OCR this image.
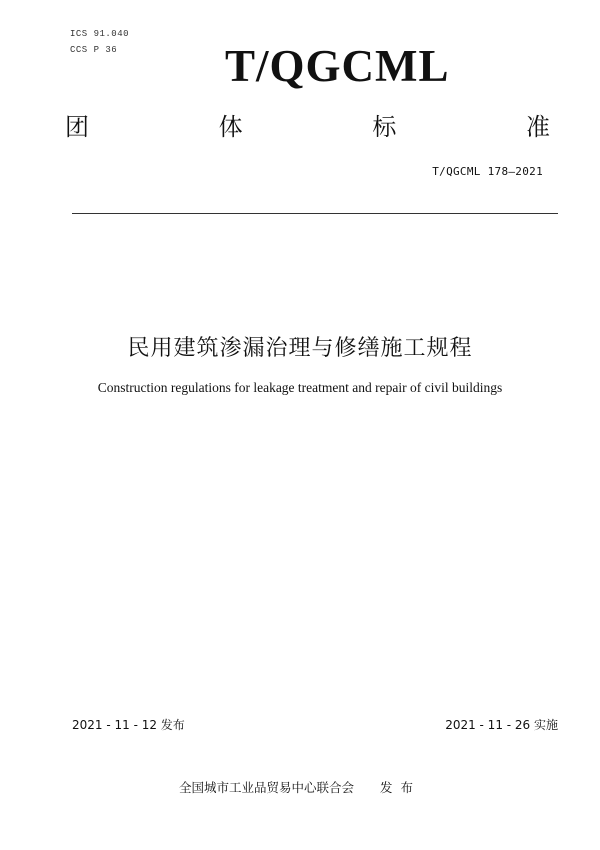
ICS 91.040
CCS P 36 T/QGCML
团	体	标	准
T/QGCML 178—2021
民用建筑渗漏治理与修缮施工规程
Construction regulations for leakage treatment and repair of civil buildings
2021 - 11 - 12 发布	2021 - 11 - 26 实施
全国城市工业品贸易中心联合会 发布
